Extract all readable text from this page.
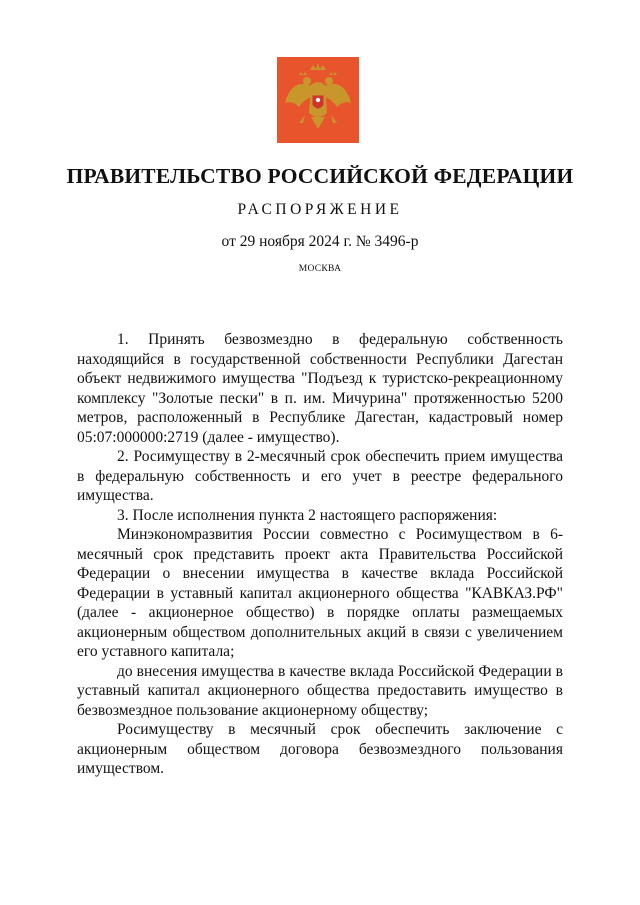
ПРАВИТЕЛЬСТВО РОССИЙСКОЙ ФЕДЕРАЦИИ
РАСПОРЯЖЕНИЕ
от 29 ноября 2024 г. № 3496-р
МОСКВА

1. Принять безвозмездно в федеральную собственность находящийся в государственной собственности Республики Дагестан объект недвижимого имущества "Подъезд к туристско-рекреационному комплексу "Золотые пески" в п. им. Мичурина" протяженностью 5200 метров, расположенный в Республике Дагестан, кадастровый номер 05:07:000000:2719 (далее - имущество).

2. Росимуществу в 2-месячный срок обеспечить прием имущества в федеральную собственность и его учет в реестре федерального имущества.

3. После исполнения пункта 2 настоящего распоряжения:

Минэкономразвития России совместно с Росимуществом в 6-месячный срок представить проект акта Правительства Российской Федерации о внесении имущества в качестве вклада Российской Федерации в уставный капитал акционерного общества "КАВКАЗ.РФ" (далее - акционерное общество) в порядке оплаты размещаемых акционерным обществом дополнительных акций в связи с увеличением его уставного капитала;

до внесения имущества в качестве вклада Российской Федерации в уставный капитал акционерного общества предоставить имущество в безвозмездное пользование акционерному обществу;

Росимуществу в месячный срок обеспечить заключение с акционерным обществом договора безвозмездного пользования имуществом.
